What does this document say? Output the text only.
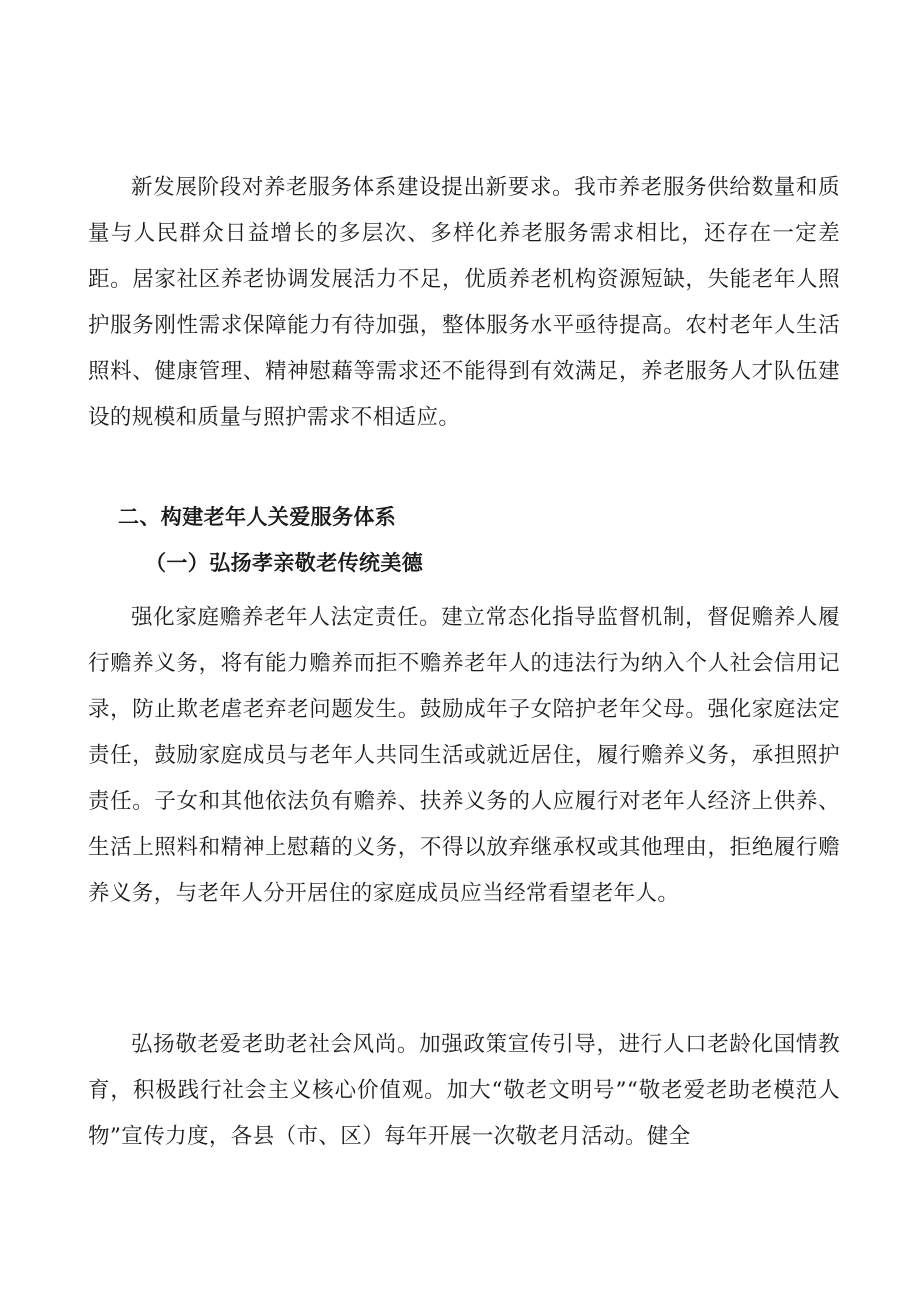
新发展阶段对养老服务体系建设提出新要求。我市养老服务供给数量和质量与人民群众日益增长的多层次、多样化养老服务需求相比，还存在一定差距。居家社区养老协调发展活力不足，优质养老机构资源短缺，失能老年人照护服务刚性需求保障能力有待加强，整体服务水平亟待提高。农村老年人生活照料、健康管理、精神慰藉等需求还不能得到有效满足，养老服务人才队伍建设的规模和质量与照护需求不相适应。

二、构建老年人关爱服务体系
（一）弘扬孝亲敬老传统美德

强化家庭赡养老年人法定责任。建立常态化指导监督机制，督促赡养人履行赡养义务，将有能力赡养而拒不赡养老年人的违法行为纳入个人社会信用记录，防止欺老虐老弃老问题发生。鼓励成年子女陪护老年父母。强化家庭法定责任，鼓励家庭成员与老年人共同生活或就近居住，履行赡养义务，承担照护责任。子女和其他依法负有赡养、扶养义务的人应履行对老年人经济上供养、生活上照料和精神上慰藉的义务，不得以放弃继承权或其他理由，拒绝履行赡养义务，与老年人分开居住的家庭成员应当经常看望老年人。

弘扬敬老爱老助老社会风尚。加强政策宣传引导，进行人口老龄化国情教育，积极践行社会主义核心价值观。加大“敬老文明号”“敬老爱老助老模范人物”宣传力度，各县（市、区）每年开展一次敬老月活动。健全
